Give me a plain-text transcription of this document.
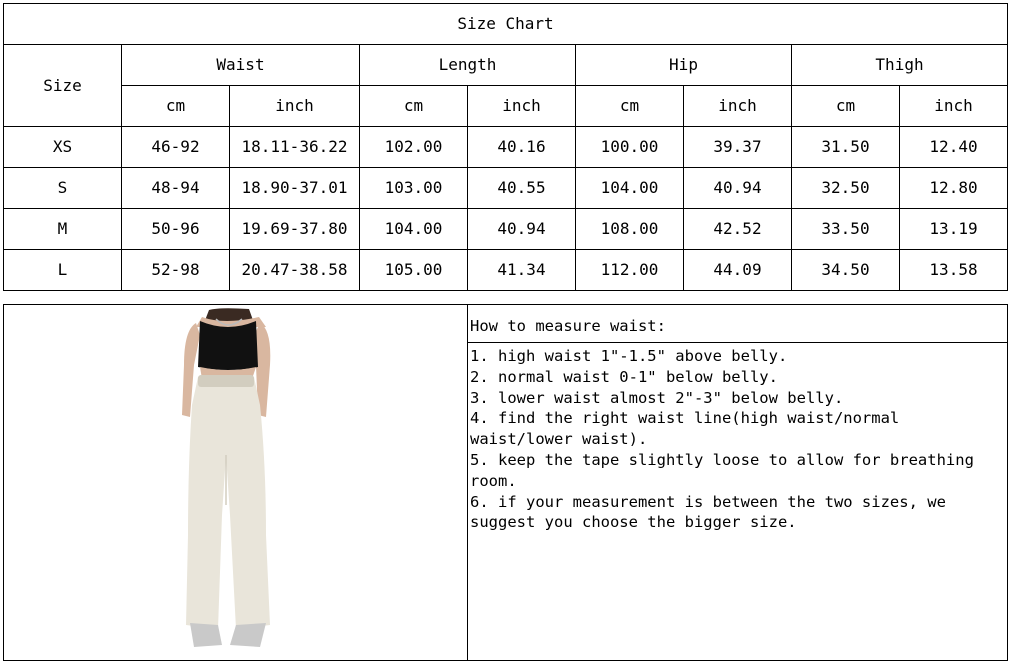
Size Chart								
Size	Waist		Length		Hip		Thigh	
	cm	inch	cm	inch	cm	inch	cm	inch
XS	46-92	18.11-36.22	102.00	40.16	100.00	39.37	31.50	12.40
S	48-94	18.90-37.01	103.00	40.55	104.00	40.94	32.50	12.80
M	50-96	19.69-37.80	104.00	40.94	108.00	42.52	33.50	13.19
L	52-98	20.47-38.58	105.00	41.34	112.00	44.09	34.50	13.58
How to measure waist:
1. high waist 1"-1.5" above belly.
2. normal waist 0-1" below belly.
3. lower waist almost 2"-3" below belly.
4. find the right waist line(high waist/normal waist/lower waist).
5. keep the tape slightly loose to allow for breathing room.
6. if your measurement is between the two sizes, we suggest you choose the bigger size.
